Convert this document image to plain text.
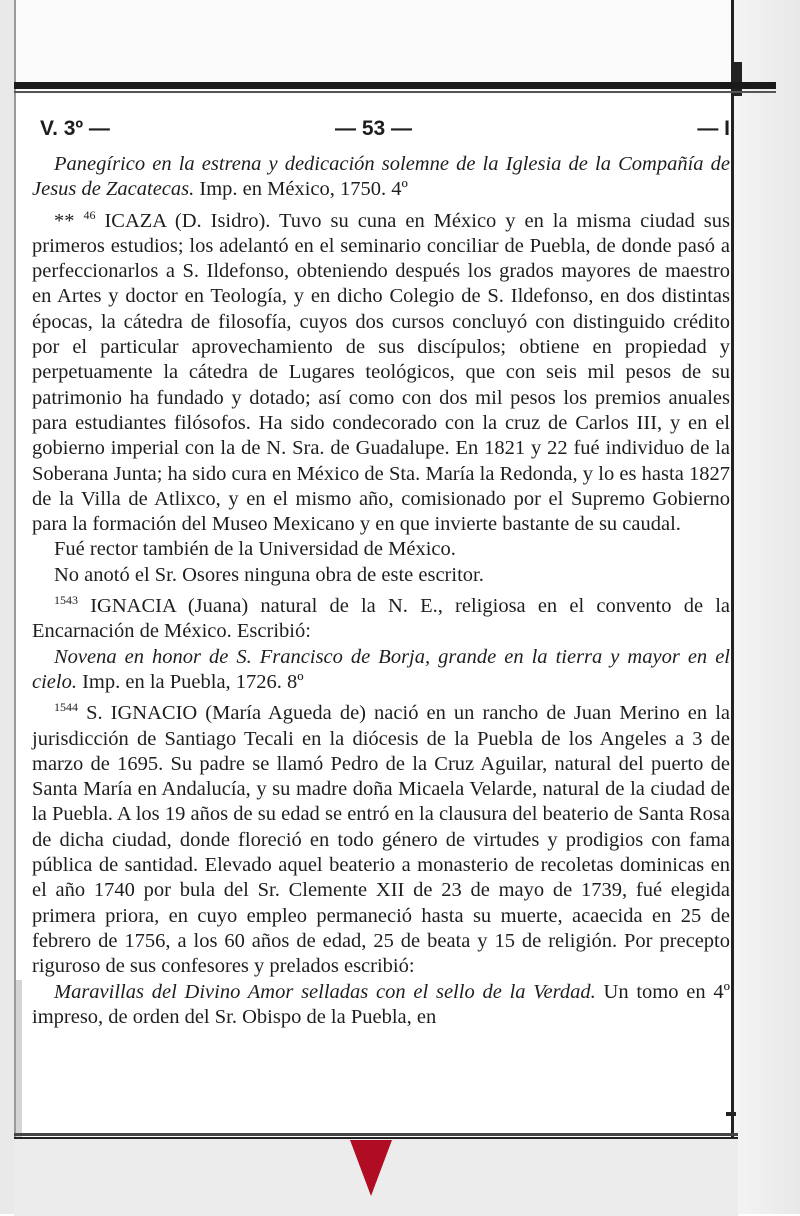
V. 3º —	— 53 —	— I

Panegírico en la estrena y dedicación solemne de la Iglesia de la Compañía de Jesus de Zacatecas. Imp. en México, 1750. 4º

** $^{46}$ ICAZA (D. Isidro). Tuvo su cuna en México y en la misma ciudad sus primeros estudios; los adelantó en el seminario conciliar de Puebla, de donde pasó a perfeccionarlos a S. Ildefonso, obteniendo después los grados mayores de maestro en Artes y doctor en Teología, y en dicho Colegio de S. Ildefonso, en dos distintas épocas, la cátedra de filosofía, cuyos dos cursos concluyó con distinguido crédito por el particular aprovechamiento de sus discípulos; obtiene en propiedad y perpetuamente la cátedra de Lugares teológicos, que con seis mil pesos de su patrimonio ha fundado y dotado; así como con dos mil pesos los premios anuales para estudiantes filósofos. Ha sido condecorado con la cruz de Carlos III, y en el gobierno imperial con la de N. Sra. de Guadalupe. En 1821 y 22 fué individuo de la Soberana Junta; ha sido cura en México de Sta. María la Redonda, y lo es hasta 1827 de la Villa de Atlixco, y en el mismo año, comisionado por el Supremo Gobierno para la formación del Museo Mexicano y en que invierte bastante de su caudal.

Fué rector también de la Universidad de México.

No anotó el Sr. Osores ninguna obra de este escritor.

$^{1543}$ IGNACIA (Juana) natural de la N. E., religiosa en el convento de la Encarnación de México. Escribió:

Novena en honor de S. Francisco de Borja, grande en la tierra y mayor en el cielo. Imp. en la Puebla, 1726. 8º

$^{1544}$ S. IGNACIO (María Agueda de) nació en un rancho de Juan Merino en la jurisdicción de Santiago Tecali en la diócesis de la Puebla de los Angeles a 3 de marzo de 1695. Su padre se llamó Pedro de la Cruz Aguilar, natural del puerto de Santa María en Andalucía, y su madre doña Micaela Velarde, natural de la ciudad de la Puebla. A los 19 años de su edad se entró en la clausura del beaterio de Santa Rosa de dicha ciudad, donde floreció en todo género de virtudes y prodigios con fama pública de santidad. Elevado aquel beaterio a monasterio de recoletas dominicas en el año 1740 por bula del Sr. Clemente XII de 23 de mayo de 1739, fué elegida primera priora, en cuyo empleo permaneció hasta su muerte, acaecida en 25 de febrero de 1756, a los 60 años de edad, 25 de beata y 15 de religión. Por precepto riguroso de sus confesores y prelados escribió:

Maravillas del Divino Amor selladas con el sello de la Verdad. Un tomo en 4º impreso, de orden del Sr. Obispo de la Puebla, en
